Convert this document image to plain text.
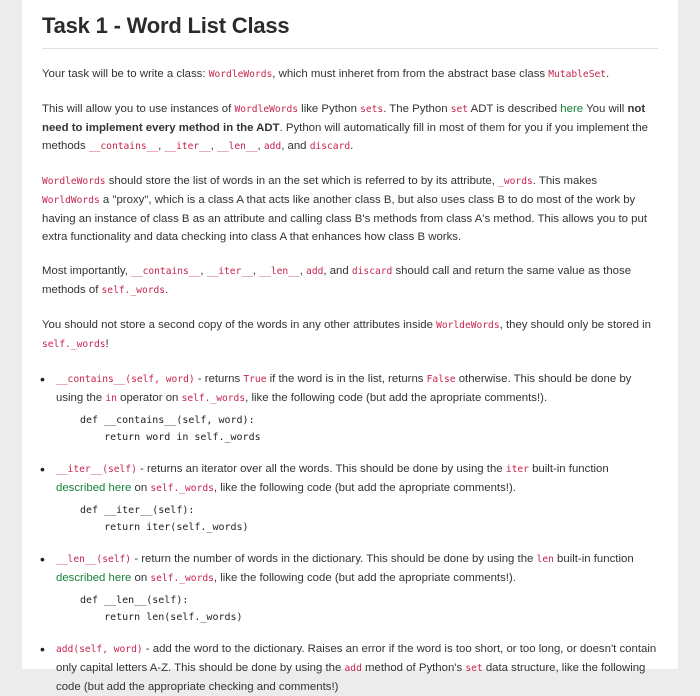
Task 1 - Word List Class

Your task will be to write a class: WordleWords, which must inheret from from the abstract base class MutableSet.

This will allow you to use instances of WordleWords like Python sets. The Python set ADT is described here You will not need to implement every method in the ADT. Python will automatically fill in most of them for you if you implement the methods __contains__, __iter__, __len__, add, and discard.

WordleWords should store the list of words in an the set which is referred to by its attribute, _words. This makes WorldWords a "proxy", which is a class A that acts like another class B, but also uses class B to do most of the work by having an instance of class B as an attribute and calling class B's methods from class A's method. This allows you to put extra functionality and data checking into class A that enhances how class B works.

Most importantly, __contains__, __iter__, __len__, add, and discard should call and return the same value as those methods of self._words.

You should not store a second copy of the words in any other attributes inside WorldeWords, they should only be stored in self._words!

• __contains__(self, word) - returns True if the word is in the list, returns False otherwise. This should be done by using the in operator on self._words, like the following code (but add the apropriate comments!).
def __contains__(self, word):
return word in self._words
• __iter__(self) - returns an iterator over all the words. This should be done by using the iter built-in function described here on self._words, like the following code (but add the apropriate comments!).
def __iter__(self):
return iter(self._words)
• __len__(self) - return the number of words in the dictionary. This should be done by using the len built-in function described here on self._words, like the following code (but add the apropriate comments!).
def __len__(self):
return len(self._words)
• add(self, word) - add the word to the dictionary. Raises an error if the word is too short, or too long, or doesn't contain only capital letters A-Z. This should be done by using the add method of Python's set data structure, like the following code (but add the appropriate checking and comments!)
